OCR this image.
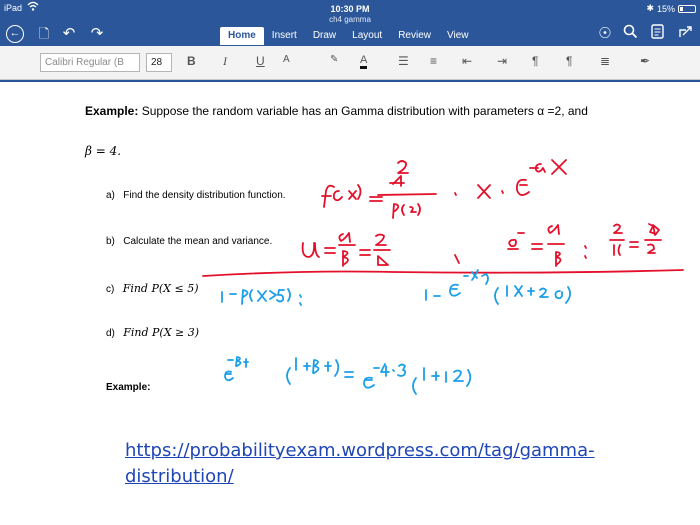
iPad	10:30 PM	✱ 15%
ch4 gamma
← 🗋 ↶ ↷	Home	Insert	Draw	Layout	Review	View	☉
Calibri Regular (B	28	B I U A	✎ A	☰ ≡ ⇤ ⇥ ¶ ¶ ≣ ✒
Example: Suppose the random variable has an Gamma distribution with parameters α =2, and
β = 4.
a) Find the density distribution function.
b) Calculate the mean and variance.
c) Find P(X ≤ 5)
d) Find P(X ≥ 3)
Example:
https://probabilityexam.wordpress.com/tag/gamma-distribution/
